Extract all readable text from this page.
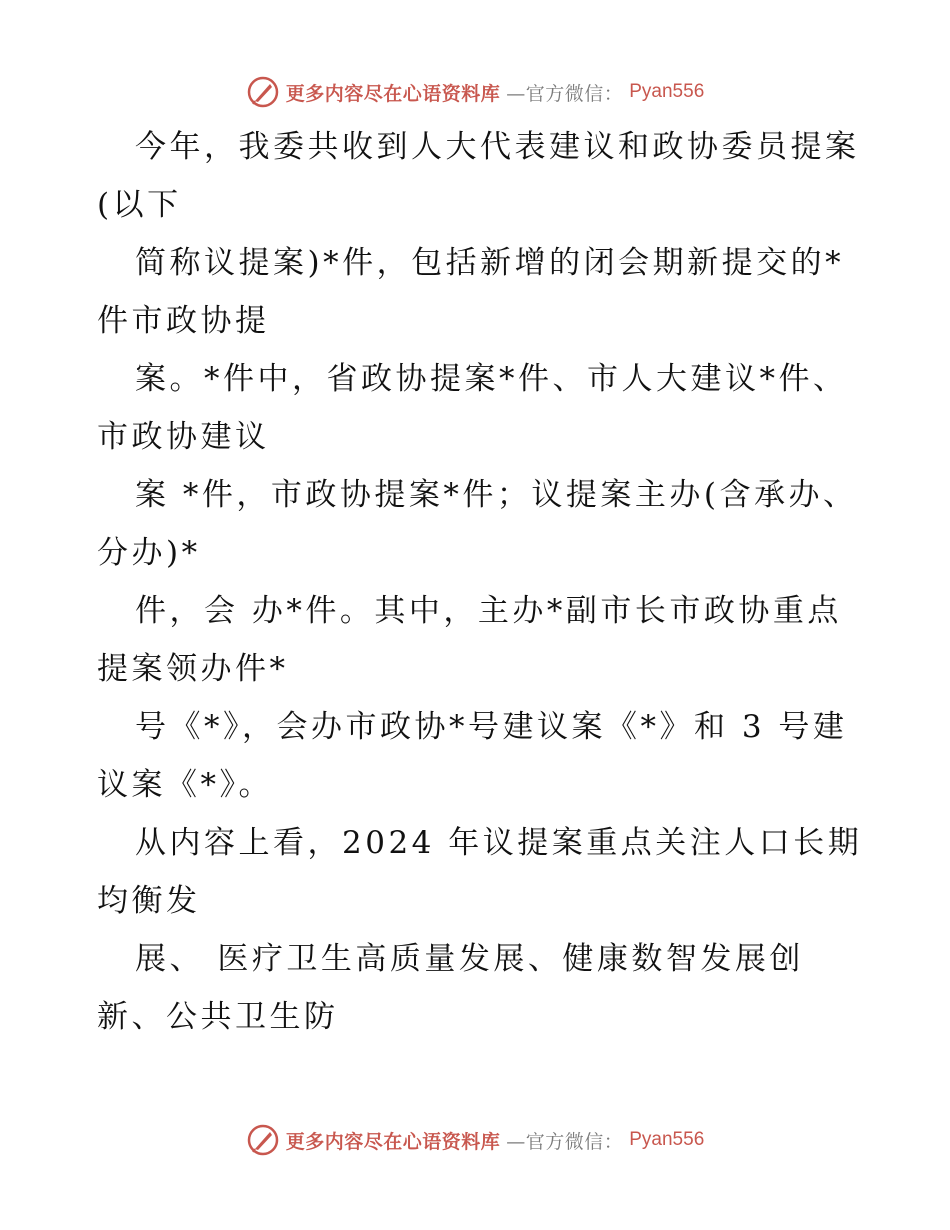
更多内容尽在心语资料库 —官方微信： Pyan556
今年，我委共收到人大代表建议和政协委员提案
(以下
简称议提案)*件，包括新增的闭会期新提交的*
件市政协提
案。*件中，省政协提案*件、市人大建议*件、
市政协建议
案 *件，市政协提案*件；议提案主办(含承办、
分办)*
件，会 办*件。其中，主办*副市长市政协重点
提案领办件*
号《*》，会办市政协*号建议案《*》和 3 号建
议案《*》。
从内容上看，2024 年议提案重点关注人口长期
均衡发
展、 医疗卫生高质量发展、健康数智发展创
新、公共卫生防
更多内容尽在心语资料库 —官方微信： Pyan556
